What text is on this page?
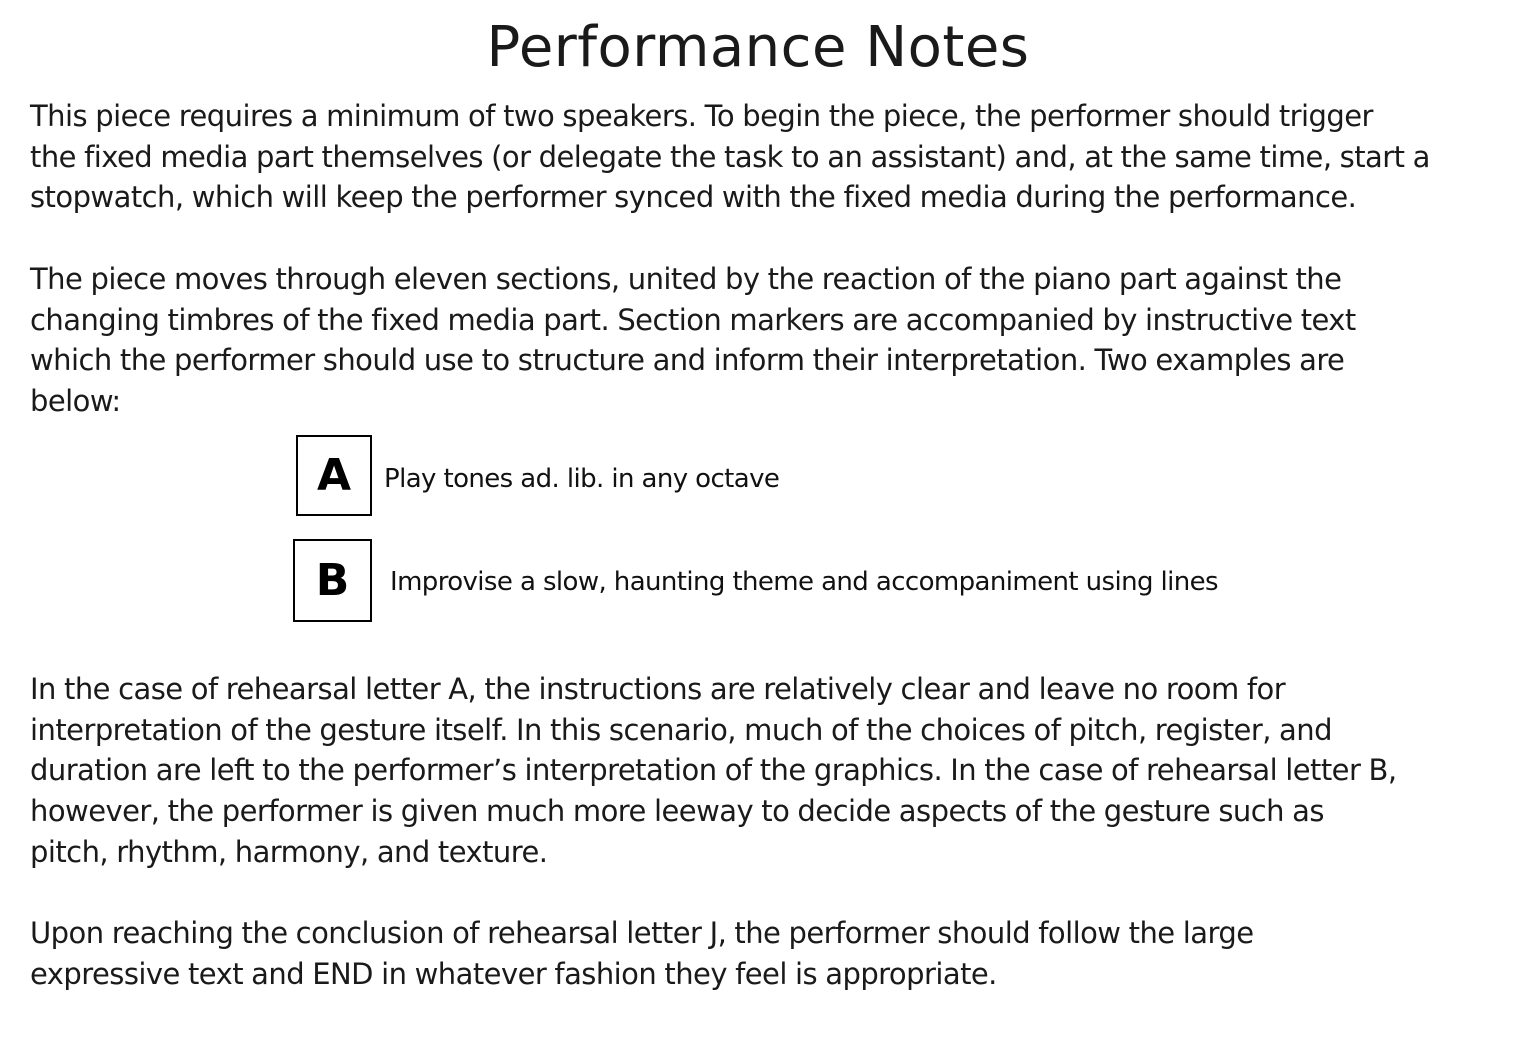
Performance Notes

This piece requires a minimum of two speakers. To begin the piece, the performer should trigger
the fixed media part themselves (or delegate the task to an assistant) and, at the same time, start a
stopwatch, which will keep the performer synced with the fixed media during the performance.

The piece moves through eleven sections, united by the reaction of the piano part against the
changing timbres of the fixed media part. Section markers are accompanied by instructive text
which the performer should use to structure and inform their interpretation. Two examples are
below:

A	Play tones ad. lib. in any octave
B	Improvise a slow, haunting theme and accompaniment using lines

In the case of rehearsal letter A, the instructions are relatively clear and leave no room for
interpretation of the gesture itself. In this scenario, much of the choices of pitch, register, and
duration are left to the performer’s interpretation of the graphics. In the case of rehearsal letter B,
however, the performer is given much more leeway to decide aspects of the gesture such as
pitch, rhythm, harmony, and texture.

Upon reaching the conclusion of rehearsal letter J, the performer should follow the large
expressive text and END in whatever fashion they feel is appropriate.
